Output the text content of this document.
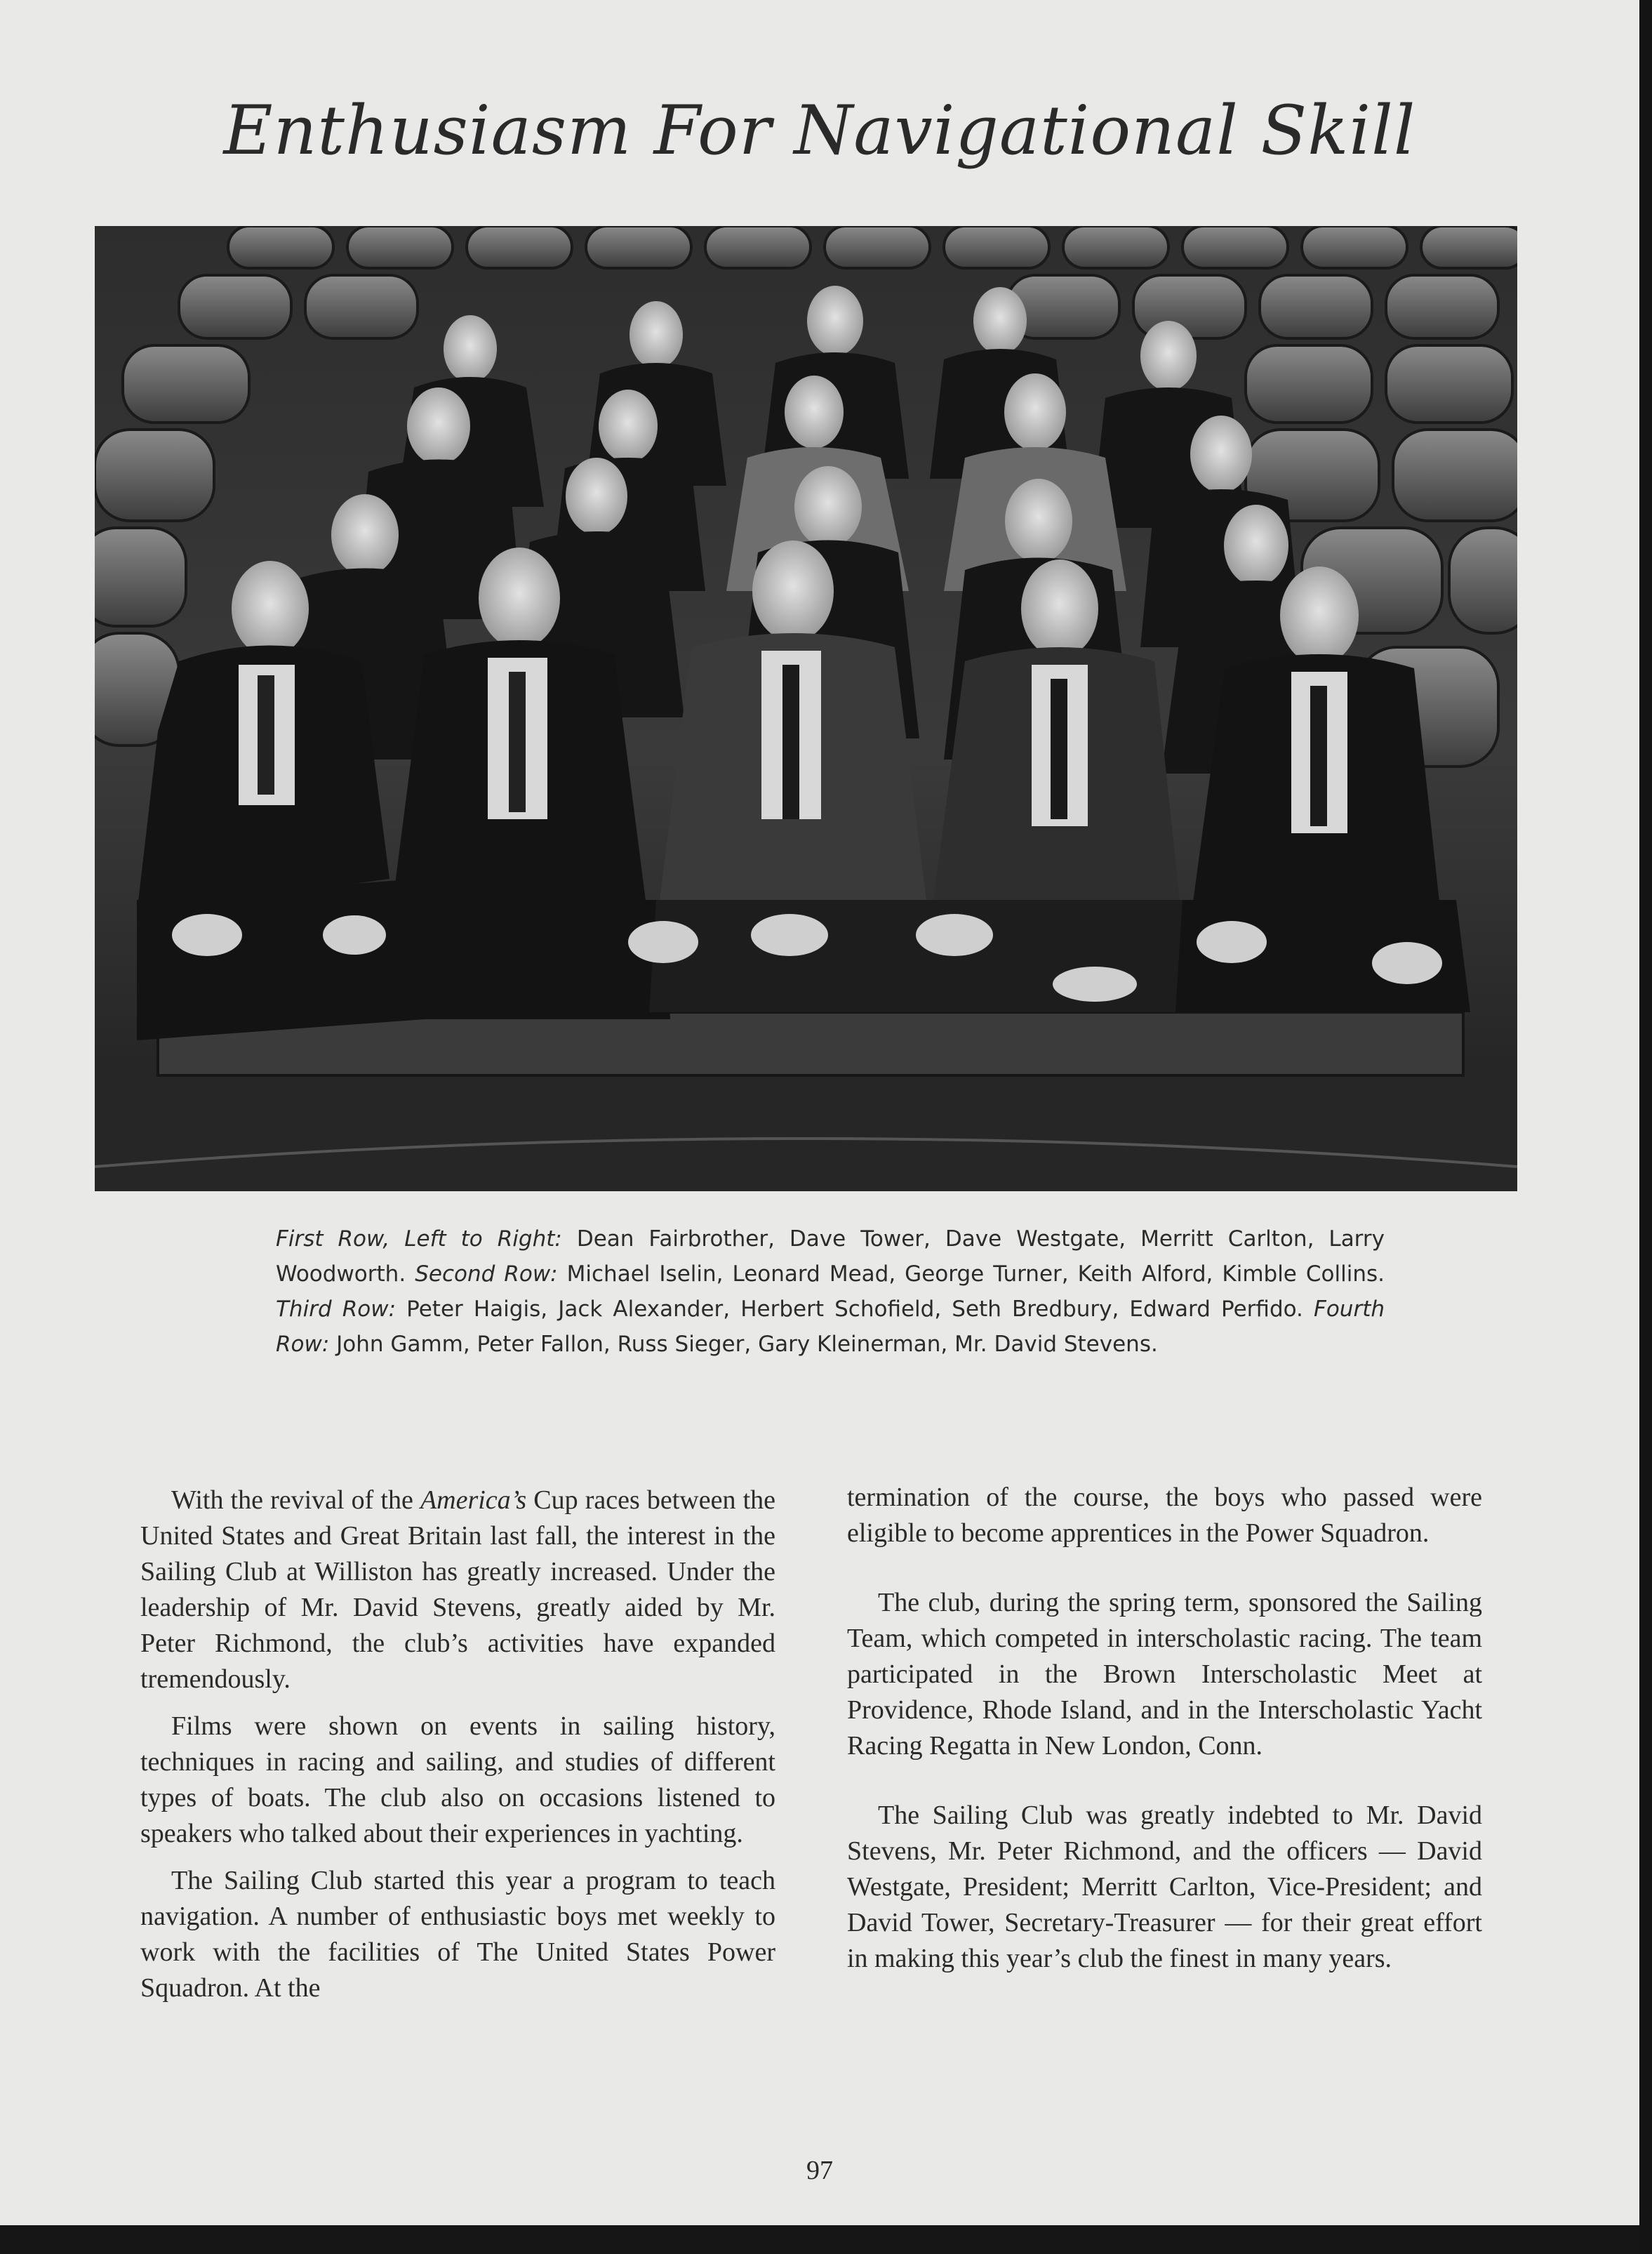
Enthusiasm For Navigational Skill
First Row, Left to Right: Dean Fairbrother, Dave Tower, Dave Westgate, Merritt Carlton, Larry Woodworth. Second Row: Michael Iselin, Leonard Mead, George Turner, Keith Alford, Kimble Collins. Third Row: Peter Haigis, Jack Alexander, Herbert Schofield, Seth Bredbury, Edward Perfido. Fourth Row: John Gamm, Peter Fallon, Russ Sieger, Gary Kleinerman, Mr. David Stevens.

With the revival of the America’s Cup races between the United States and Great Britain last fall, the interest in the Sailing Club at Williston has greatly increased. Under the leadership of Mr. David Stevens, greatly aided by Mr. Peter Richmond, the club’s activities have expanded tremendously.

Films were shown on events in sailing history, techniques in racing and sailing, and studies of different types of boats. The club also on occasions listened to speakers who talked about their experiences in yachting.

The Sailing Club started this year a program to teach navigation. A number of enthusiastic boys met weekly to work with the facilities of The United States Power Squadron. At the

termination of the course, the boys who passed were eligible to become apprentices in the Power Squadron.

The club, during the spring term, sponsored the Sailing Team, which competed in interscholastic racing. The team participated in the Brown Interscholastic Meet at Providence, Rhode Island, and in the Interscholastic Yacht Racing Regatta in New London, Conn.

The Sailing Club was greatly indebted to Mr. David Stevens, Mr. Peter Richmond, and the officers — David Westgate, President; Merritt Carlton, Vice-President; and David Tower, Secretary-Treasurer — for their great effort in making this year’s club the finest in many years.

97
